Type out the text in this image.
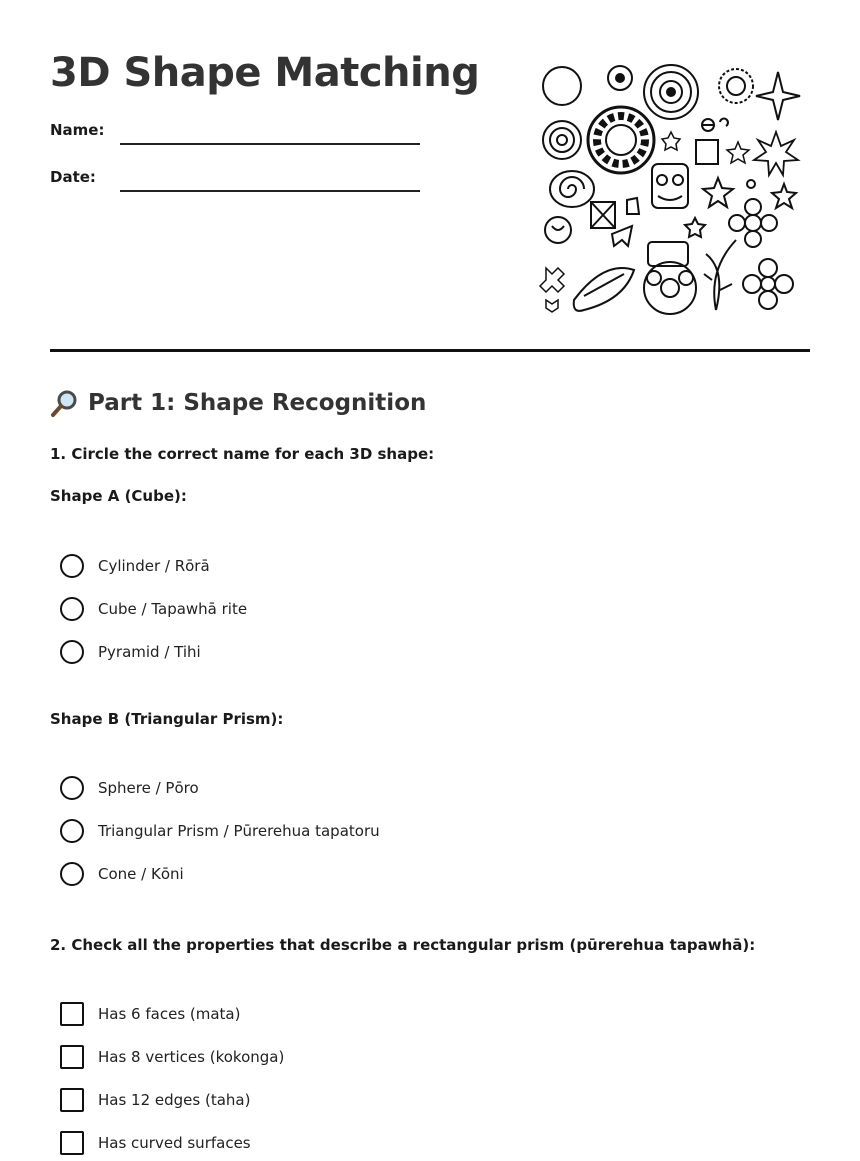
3D Shape Matching
Name:
Date:
Part 1: Shape Recognition
1. Circle the correct name for each 3D shape:
Shape A (Cube):
Cylinder / Rōrā
Cube / Tapawhā rite
Pyramid / Tihi
Shape B (Triangular Prism):
Sphere / Pōro
Triangular Prism / Pūrerehua tapatoru
Cone / Kōni
2. Check all the properties that describe a rectangular prism (pūrerehua tapawhā):
Has 6 faces (mata)
Has 8 vertices (kokonga)
Has 12 edges (taha)
Has curved surfaces
